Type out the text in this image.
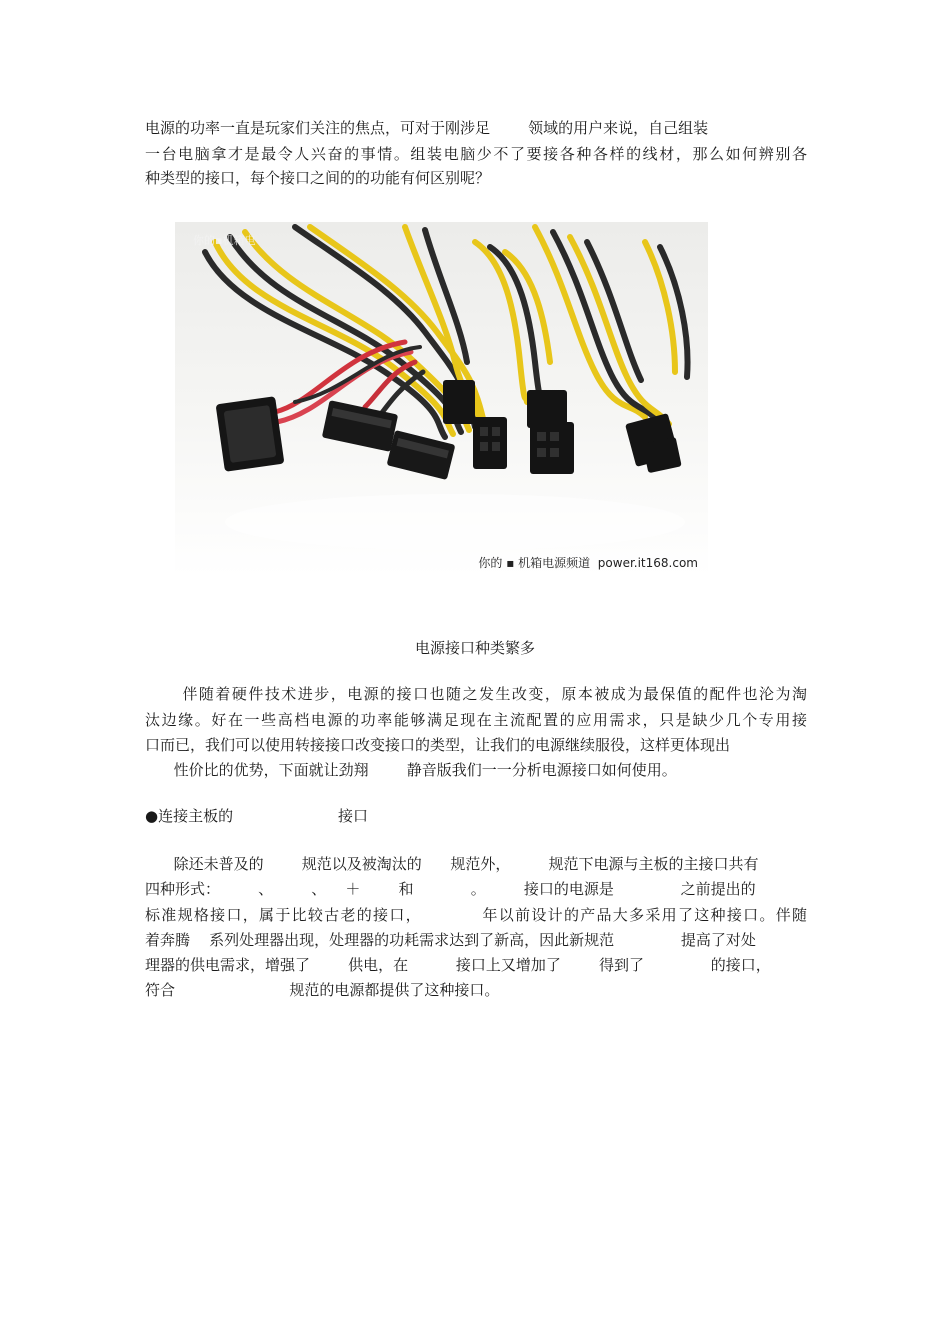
电源的功率一直是玩家们关注的焦点，可对于刚涉足        领域的用户来说，自己组装
一台电脑拿才是最令人兴奋的事情。组装电脑少不了要接各种各样的线材，那么如何辨别各
种类型的接口，每个接口之间的的功能有何区别呢？
你的▪机箱电
你的 ▪ 机箱电源频道  power.it168.com
电源接口种类繁多
伴随着硬件技术进步，电源的接口也随之发生改变，原本被成为最保值的配件也沦为淘
汰边缘。好在一些高档电源的功率能够满足现在主流配置的应用需求，只是缺少几个专用接
口而已，我们可以使用转接接口改变接口的类型，让我们的电源继续服役，这样更体现出
性价比的优势，下面就让劲翔        静音版我们一一分析电源接口如何使用。
●连接主板的                      接口
除还未普及的        规范以及被淘汰的      规范外，        规范下电源与主板的主接口共有
四种形式：        、        、    ＋        和            。        接口的电源是              之前提出的
标准规格接口，属于比较古老的接口，          年以前设计的产品大多采用了这种接口。伴随
着奔腾    系列处理器出现，处理器的功耗需求达到了新高，因此新规范              提高了对处
理器的供电需求，增强了        供电，在          接口上又增加了        得到了              的接口，
符合                        规范的电源都提供了这种接口。
